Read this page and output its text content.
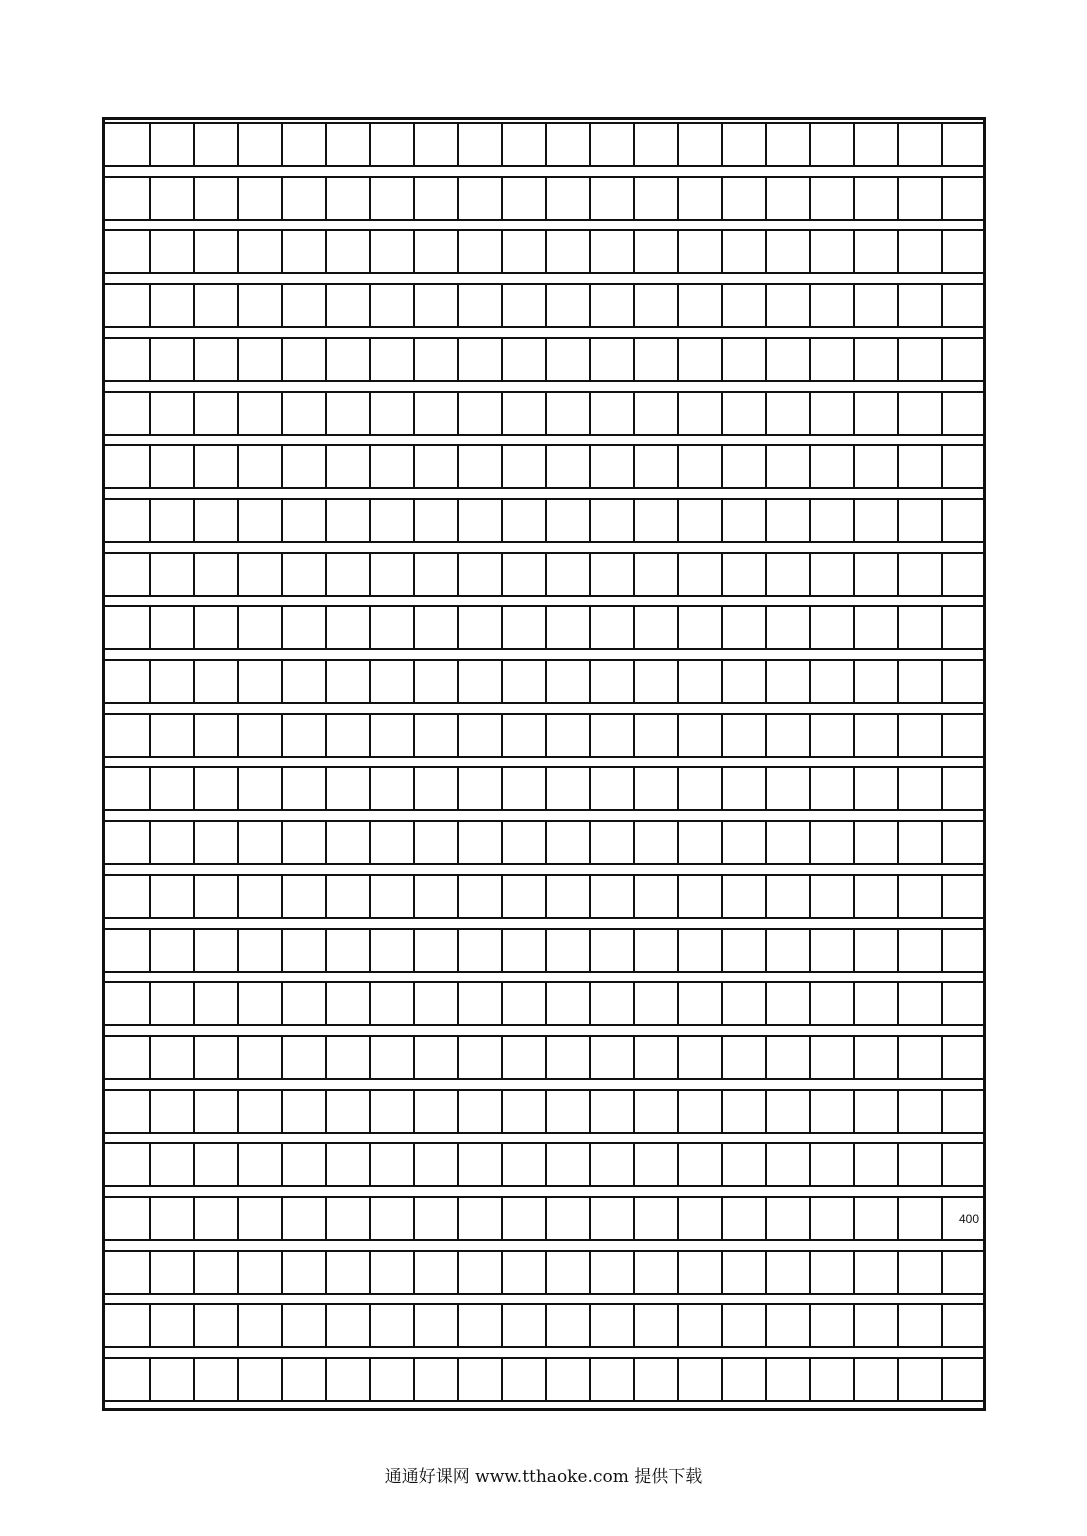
400
通通好课网 www.tthaoke.com 提供下载
